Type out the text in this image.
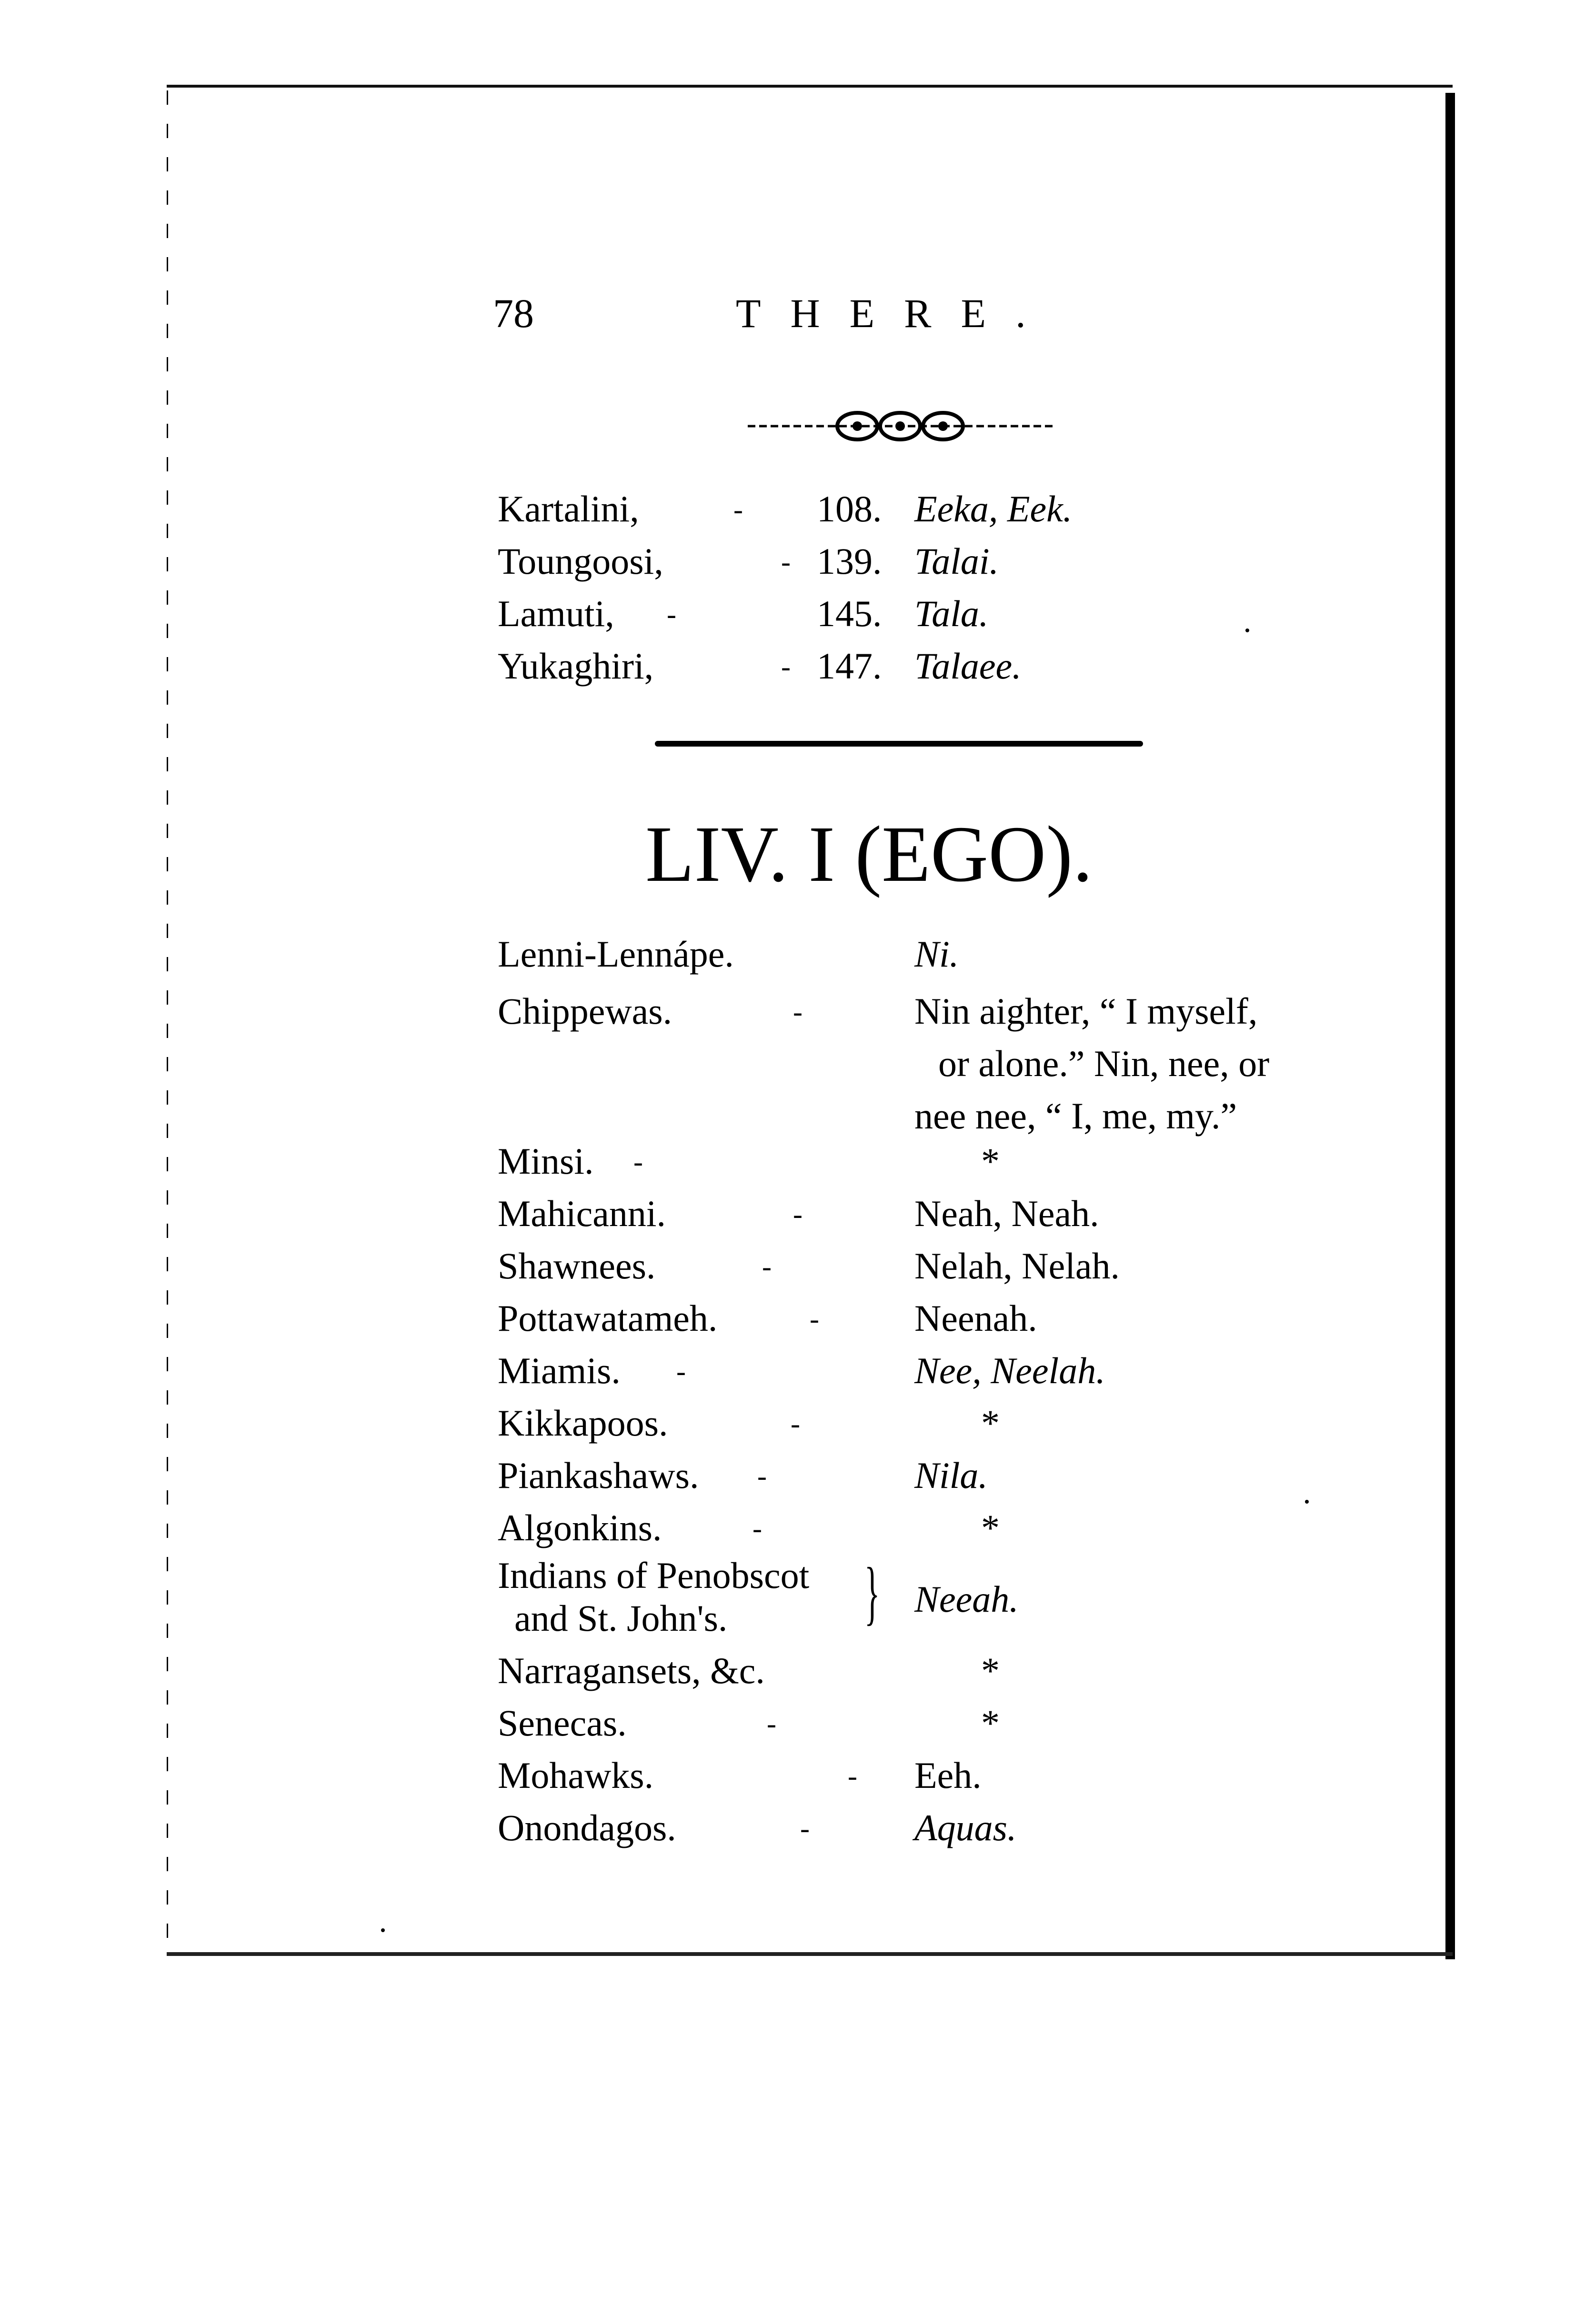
78	THERE.
Kartalini,	- 108. Eeka, Eek.
Toungoosi,	- 139. Talai.
Lamuti, -	145. Tala.
Yukaghiri,	- 147. Talaee.
LIV. I (EGO).
Lenni-Lennápe.	Ni.
Chippewas.	-	Nin aighter, “ I myself,
or alone.” Nin, nee, or
nee nee, “ I, me, my.”
Minsi. -	*
Mahicanni.	-	Neah, Neah.
Shawnees.	-	Nelah, Nelah.
Pottawatameh.	-	Neenah.
Miamis. -	Nee, Neelah.
Kikkapoos.	-	*
Piankashaws. -	Nila.
Algonkins.	-	*
Indians of Penobscot
and St. John's. } Neeah.
Narragansets, &c.	*
Senecas.	-	*
Mohawks.	- Eeh.
Onondagos.	-	Aquas.
